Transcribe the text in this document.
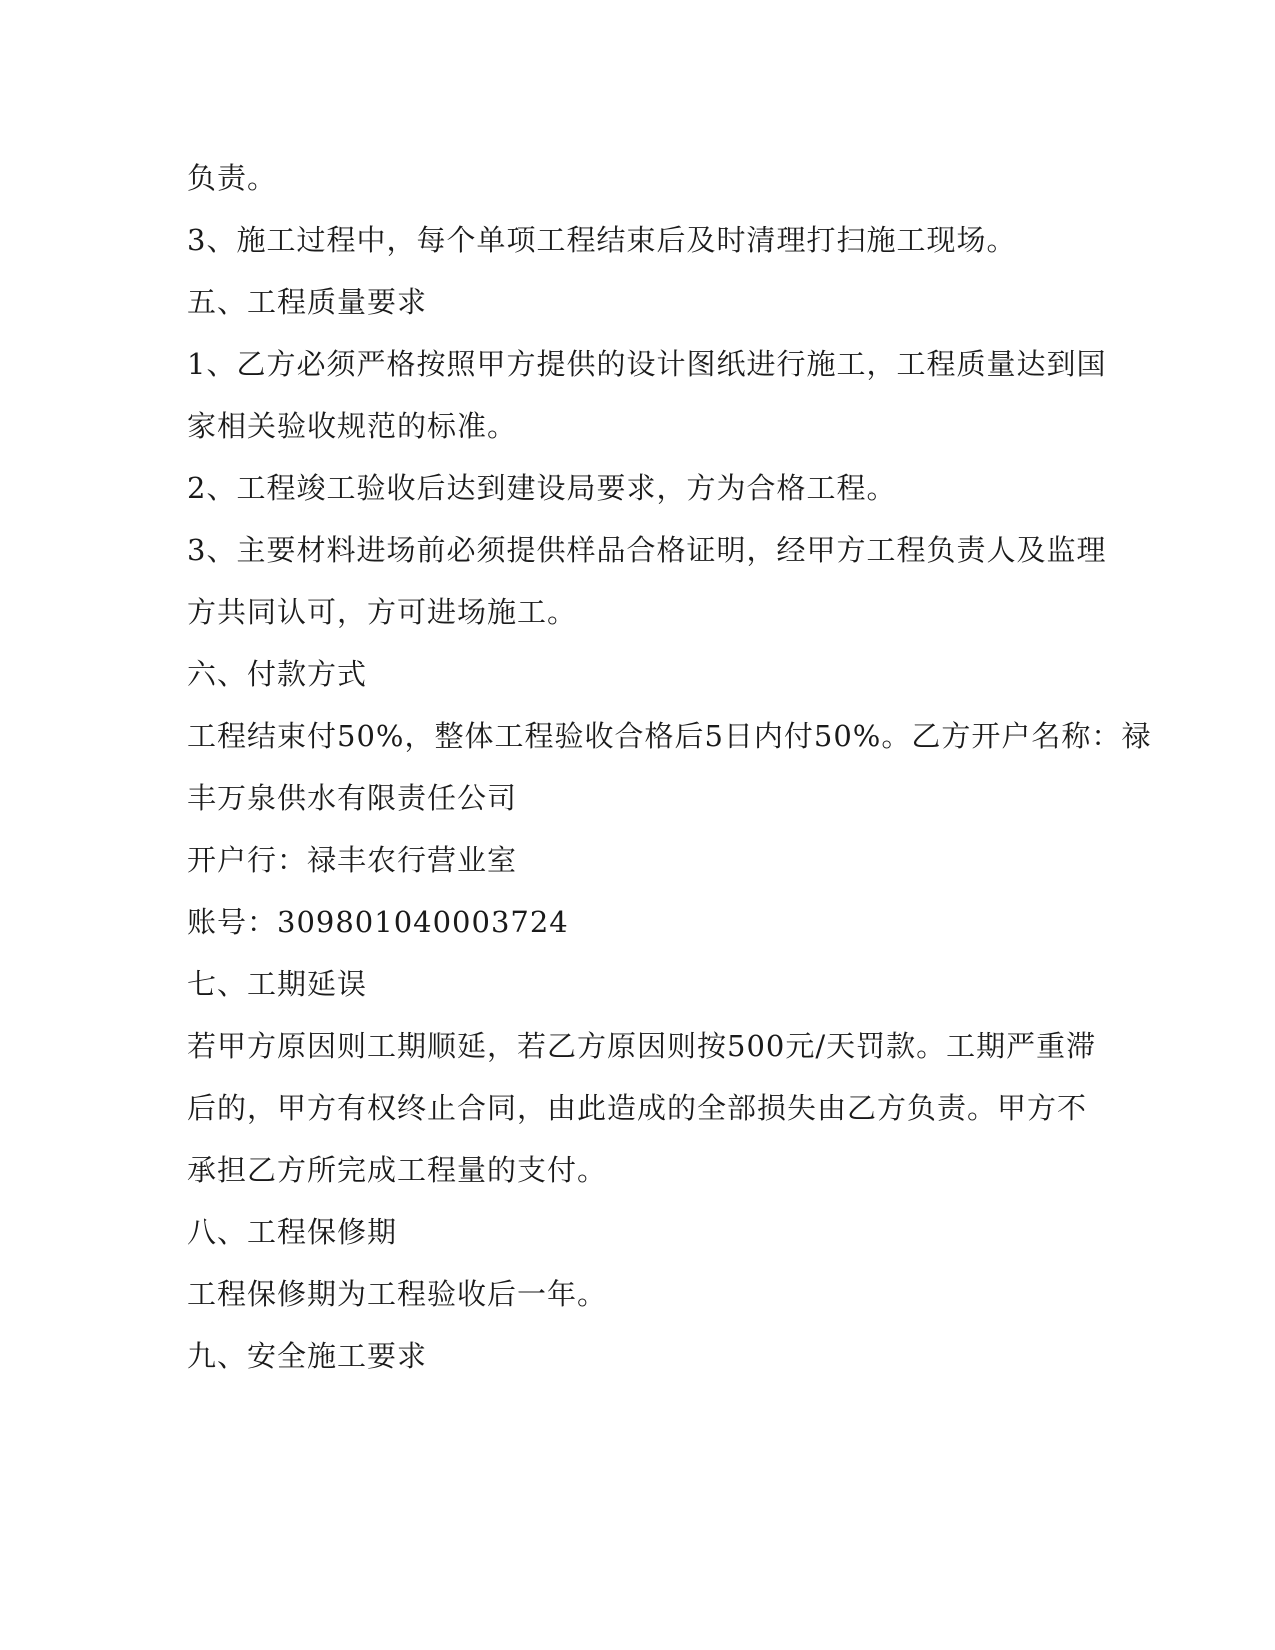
负责。
3、施工过程中，每个单项工程结束后及时清理打扫施工现场。
五、工程质量要求
1、乙方必须严格按照甲方提供的设计图纸进行施工，工程质量达到国
家相关验收规范的标准。
2、工程竣工验收后达到建设局要求，方为合格工程。
3、主要材料进场前必须提供样品合格证明，经甲方工程负责人及监理
方共同认可，方可进场施工。
六、付款方式
工程结束付50%，整体工程验收合格后5日内付50%。乙方开户名称：禄
丰万泉供水有限责任公司
开户行：禄丰农行营业室
账号：309801040003724
七、工期延误
若甲方原因则工期顺延，若乙方原因则按500元/天罚款。工期严重滞
后的，甲方有权终止合同，由此造成的全部损失由乙方负责。甲方不
承担乙方所完成工程量的支付。
八、工程保修期
工程保修期为工程验收后一年。
九、安全施工要求
